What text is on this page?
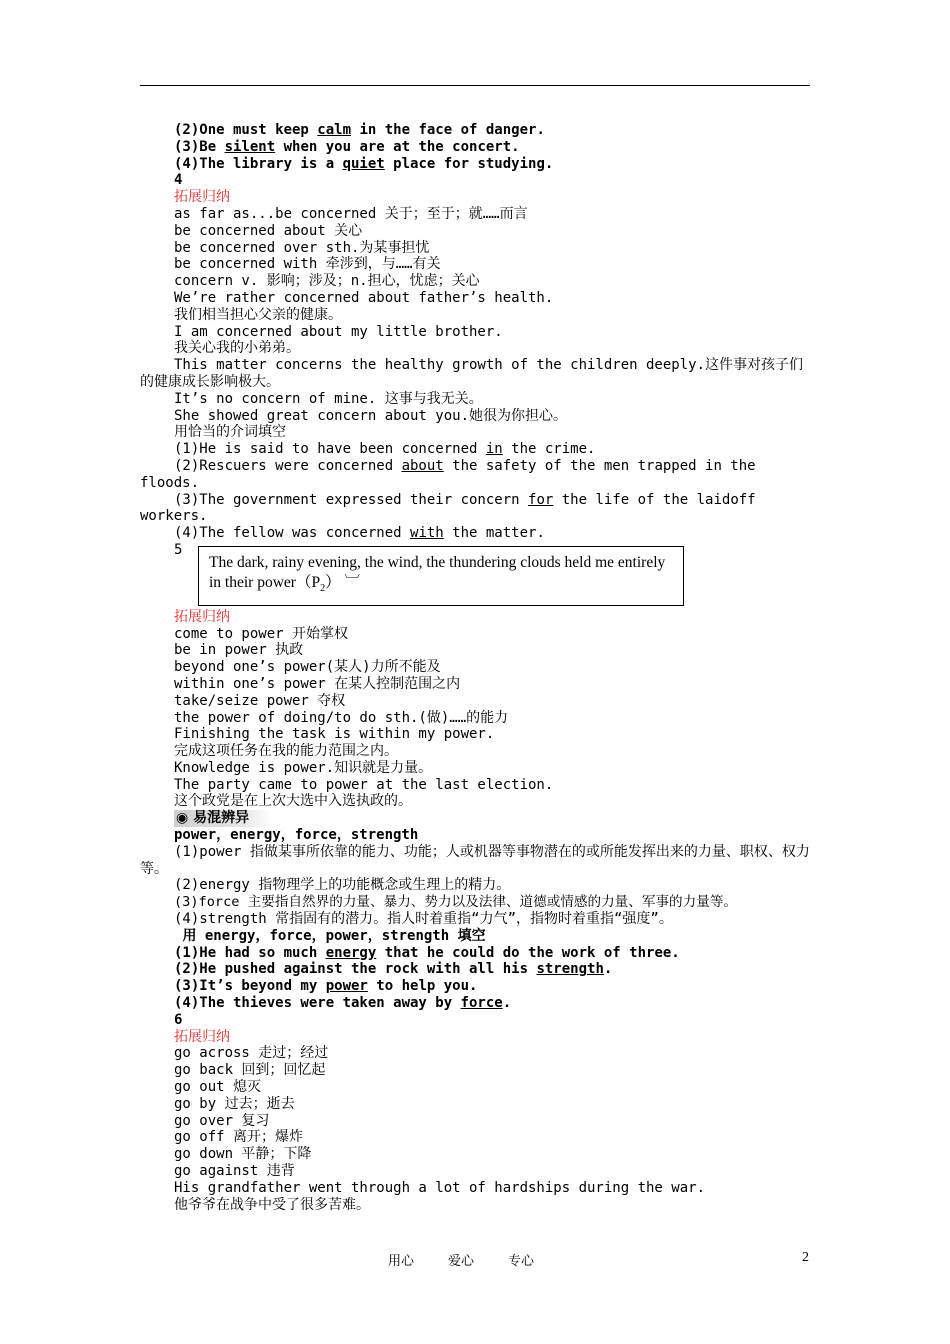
(2)One must keep calm in the face of danger.
(3)Be silent when you are at the concert.
(4)The library is a quiet place for studying.
4
拓展归纳
as far as...be concerned 关于；至于；就……而言
be concerned about 关心
be concerned over sth.为某事担忧
be concerned with 牵涉到，与……有关
concern v. 影响；涉及；n.担心，忧虑；关心
We’re rather concerned about father’s health.
我们相当担心父亲的健康。
I am concerned about my little brother.
我关心我的小弟弟。
This matter concerns the healthy growth of the children deeply.这件事对孩子们的健康成长影响极大。
It’s no concern of mine. 这事与我无关。
She showed great concern about you.她很为你担心。
用恰当的介词填空
(1)He is said to have been concerned in the crime.
(2)Rescuers were concerned about the safety of the men trapped in the floods.
(3)The government expressed their concern for the life of the laidoff workers.
(4)The fellow was concerned with the matter.
5
The dark, rainy evening, the wind, the thundering clouds held me entirely in their $power(P_2)$ ︺
拓展归纳
come to power 开始掌权
be in power 执政
beyond one’s power(某人)力所不能及
within one’s power 在某人控制范围之内
take/seize power 夺权
the power of doing/to do sth.(做)……的能力
Finishing the task is within my power.
完成这项任务在我的能力范围之内。
Knowledge is power.知识就是力量。
The party came to power at the last election.
这个政党是在上次大选中入选执政的。
◉ 易混辨异
power，energy，force，strength
(1)power 指做某事所依靠的能力、功能；人或机器等事物潜在的或所能发挥出来的力量、职权、权力等。
(2)energy 指物理学上的功能概念或生理上的精力。
(3)force 主要指自然界的力量、暴力、势力以及法律、道德或情感的力量、军事的力量等。
(4)strength 常指固有的潜力。指人时着重指“力气”，指物时着重指“强度”。
用 energy，force，power，strength 填空
(1)He had so much energy that he could do the work of three.
(2)He pushed against the rock with all his strength.
(3)It’s beyond my power to help you.
(4)The thieves were taken away by force.
6
拓展归纳
go across 走过；经过
go back 回到；回忆起
go out 熄灭
go by 过去；逝去
go over 复习
go off 离开；爆炸
go down 平静；下降
go against 违背
His grandfather went through a lot of hardships during the war.
他爷爷在战争中受了很多苦难。
用心	爱心	专心	2
